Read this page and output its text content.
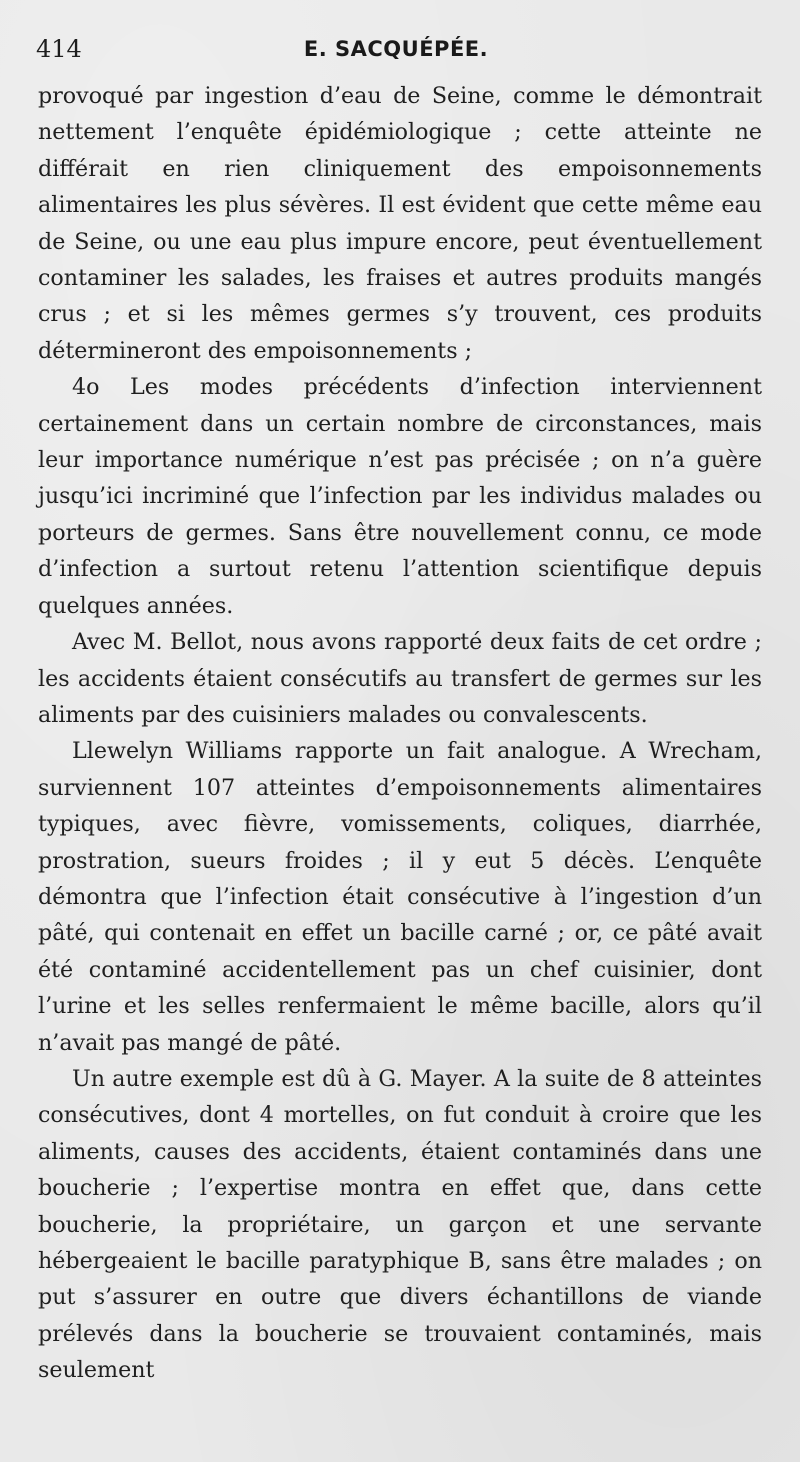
414	E. SACQUÉPÉE.

provoqué par ingestion d’eau de Seine, comme le démontrait nettement l’enquête épidémiologique ; cette atteinte ne différait en rien cliniquement des empoisonnements alimentaires les plus sévères. Il est évident que cette même eau de Seine, ou une eau plus impure encore, peut éventuellement contaminer les salades, les fraises et autres produits mangés crus ; et si les mêmes germes s’y trouvent, ces produits détermineront des empoisonnements ;

4o Les modes précédents d’infection interviennent certainement dans un certain nombre de circonstances, mais leur importance numérique n’est pas précisée ; on n’a guère jusqu’ici incriminé que l’infection par les individus malades ou porteurs de germes. Sans être nouvellement connu, ce mode d’infection a surtout retenu l’attention scientifique depuis quelques années.

Avec M. Bellot, nous avons rapporté deux faits de cet ordre ; les accidents étaient consécutifs au transfert de germes sur les aliments par des cuisiniers malades ou convalescents.

Llewelyn Williams rapporte un fait analogue. A Wrecham, surviennent 107 atteintes d’empoisonnements alimentaires typiques, avec fièvre, vomissements, coliques, diarrhée, prostration, sueurs froides ; il y eut 5 décès. L’enquête démontra que l’infection était consécutive à l’ingestion d’un pâté, qui contenait en effet un bacille carné ; or, ce pâté avait été contaminé accidentellement pas un chef cuisinier, dont l’urine et les selles renfermaient le même bacille, alors qu’il n’avait pas mangé de pâté.

Un autre exemple est dû à G. Mayer. A la suite de 8 atteintes consécutives, dont 4 mortelles, on fut conduit à croire que les aliments, causes des accidents, étaient contaminés dans une boucherie ; l’expertise montra en effet que, dans cette boucherie, la propriétaire, un garçon et une servante hébergeaient le bacille paratyphique B, sans être malades ; on put s’assurer en outre que divers échantillons de viande prélevés dans la boucherie se trouvaient contaminés, mais seulement
